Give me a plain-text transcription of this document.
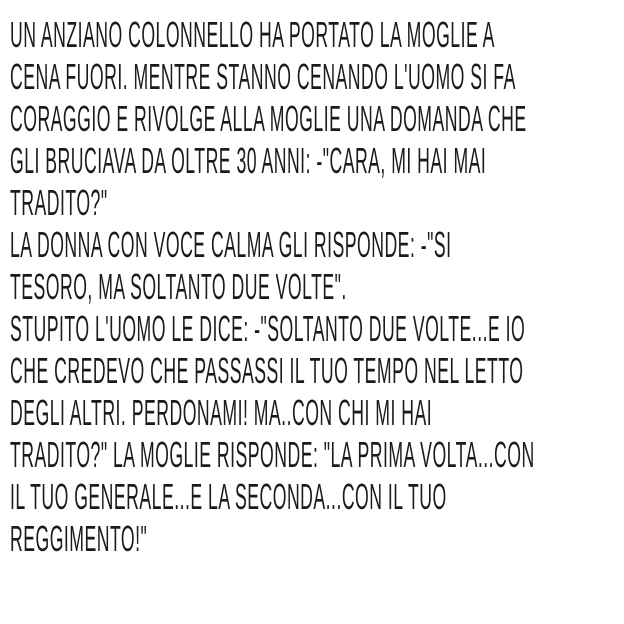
UN ANZIANO COLONNELLO HA PORTATO LA MOGLIE A
CENA FUORI. MENTRE STANNO CENANDO L'UOMO SI FA
CORAGGIO E RIVOLGE ALLA MOGLIE UNA DOMANDA CHE
GLI BRUCIAVA DA OLTRE 30 ANNI: -"CARA, MI HAI MAI
TRADITO?"
LA DONNA CON VOCE CALMA GLI RISPONDE: -"SI
TESORO, MA SOLTANTO DUE VOLTE".
STUPITO L'UOMO LE DICE: -"SOLTANTO DUE VOLTE...E IO
CHE CREDEVO CHE PASSASSI IL TUO TEMPO NEL LETTO
DEGLI ALTRI. PERDONAMI! MA..CON CHI MI HAI
TRADITO?" LA MOGLIE RISPONDE: "LA PRIMA VOLTA...CON
IL TUO GENERALE...E LA SECONDA...CON IL TUO
REGGIMENTO!"
